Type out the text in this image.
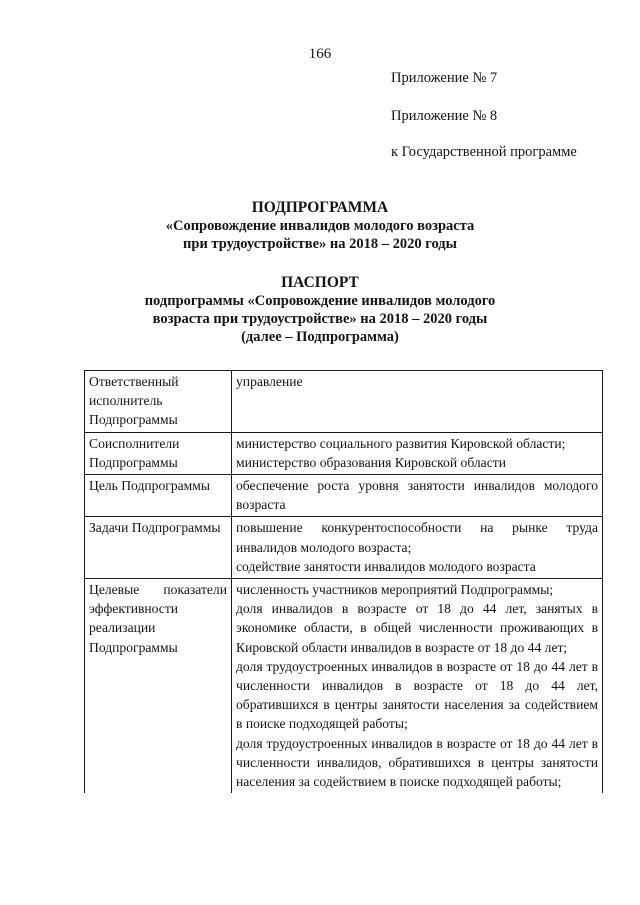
166
Приложение № 7
Приложение № 8
к Государственной программе
ПОДПРОГРАММА
«Сопровождение инвалидов молодого возраста
при трудоустройстве» на 2018 – 2020 годы
ПАСПОРТ
подпрограммы «Сопровождение инвалидов молодого
возраста при трудоустройстве» на 2018 – 2020 годы
(далее – Подпрограмма)
Ответственный исполнитель Подпрограммы	управление

Соисполнители Подпрограммы	министерство социального развития Кировской области;
министерство образования Кировской области

Цель Подпрограммы	обеспечение роста уровня занятости инвалидов молодого возраста

Задачи Подпрограммы	повышение конкурентоспособности на рынке труда инвалидов молодого возраста;
содействие занятости инвалидов молодого возраста

Целевые показатели эффективности реализации Подпрограммы	численность участников мероприятий Подпрограммы;
доля инвалидов в возрасте от 18 до 44 лет, занятых в экономике области, в общей численности проживающих в Кировской области инвалидов в возрасте от 18 до 44 лет;
доля трудоустроенных инвалидов в возрасте от 18 до 44 лет в численности инвалидов в возрасте от 18 до 44 лет, обратившихся в центры занятости населения за содействием в поиске подходящей работы;
доля трудоустроенных инвалидов в возрасте от 18 до 44 лет в численности инвалидов, обратившихся в центры занятости населения за содействием в поиске подходящей работы;
